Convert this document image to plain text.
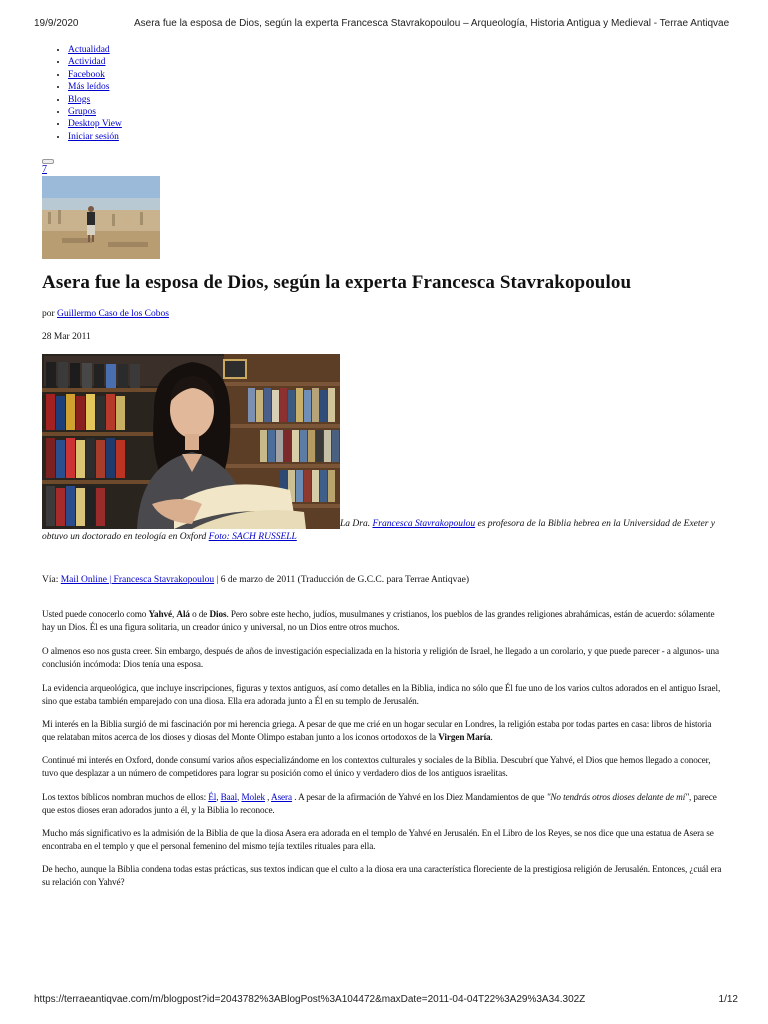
19/9/2020	Asera fue la esposa de Dios, según la experta Francesca Stavrakopoulou – Arqueología, Historia Antigua y Medieval - Terrae Antiqvae
• Actualidad
• Actividad
• Facebook
• Más leídos
• Blogs
• Grupos
• Desktop View
• Iniciar sesión
7
Asera fue la esposa de Dios, según la experta Francesca Stavrakopoulou
por Guillermo Caso de los Cobos
28 Mar 2011
La Dra. Francesca Stavrakopoulou es profesora de la Biblia hebrea en la Universidad de Exeter y obtuvo un doctorado en teología en Oxford Foto: SACH RUSSELL
Vía: Mail Online | Francesca Stavrakopoulou | 6 de marzo de 2011 (Traducción de G.C.C. para Terrae Antiqvae)

Usted puede conocerlo como Yahvé, Alá o de Dios. Pero sobre este hecho, judíos, musulmanes y cristianos, los pueblos de las grandes religiones abrahámicas, están de acuerdo: sólamente hay un Dios. Él es una figura solitaria, un creador único y universal, no un Dios entre otros muchos.

O almenos eso nos gusta creer. Sin embargo, después de años de investigación especializada en la historia y religión de Israel, he llegado a un corolario, y que puede parecer - a algunos- una conclusión incómoda: Dios tenía una esposa.

La evidencia arqueológica, que incluye inscripciones, figuras y textos antiguos, así como detalles en la Biblia, indica no sólo que Él fue uno de los varios cultos adorados en el antiguo Israel, sino que estaba también emparejado con una diosa. Ella era adorada junto a Él en su templo de Jerusalén.

Mi interés en la Biblia surgió de mi fascinación por mi herencia griega. A pesar de que me crié en un hogar secular en Londres, la religión estaba por todas partes en casa: libros de historia que relataban mitos acerca de los dioses y diosas del Monte Olimpo estaban junto a los iconos ortodoxos de la Virgen María.

Continué mi interés en Oxford, donde consumí varios años especializándome en los contextos culturales y sociales de la Biblia. Descubrí que Yahvé, el Dios que hemos llegado a conocer, tuvo que desplazar a un número de competidores para lograr su posición como el único y verdadero dios de los antiguos israelitas.

Los textos bíblicos nombran muchos de ellos: Él, Baal, Molek , Asera . A pesar de la afirmación de Yahvé en los Diez Mandamientos de que "No tendrás otros dioses delante de mí", parece que estos dioses eran adorados junto a él, y la Biblia lo reconoce.

Mucho más significativo es la admisión de la Biblia de que la diosa Asera era adorada en el templo de Yahvé en Jerusalén. En el Libro de los Reyes, se nos dice que una estatua de Asera se encontraba en el templo y que el personal femenino del mismo tejía textiles rituales para ella.

De hecho, aunque la Biblia condena todas estas prácticas, sus textos indican que el culto a la diosa era una característica floreciente de la prestigiosa religión de Jerusalén. Entonces, ¿cuál era su relación con Yahvé?

https://terraeantiqvae.com/m/blogpost?id=2043782%3ABlogPost%3A104472&maxDate=2011-04-04T22%3A29%3A34.302Z	1/12
